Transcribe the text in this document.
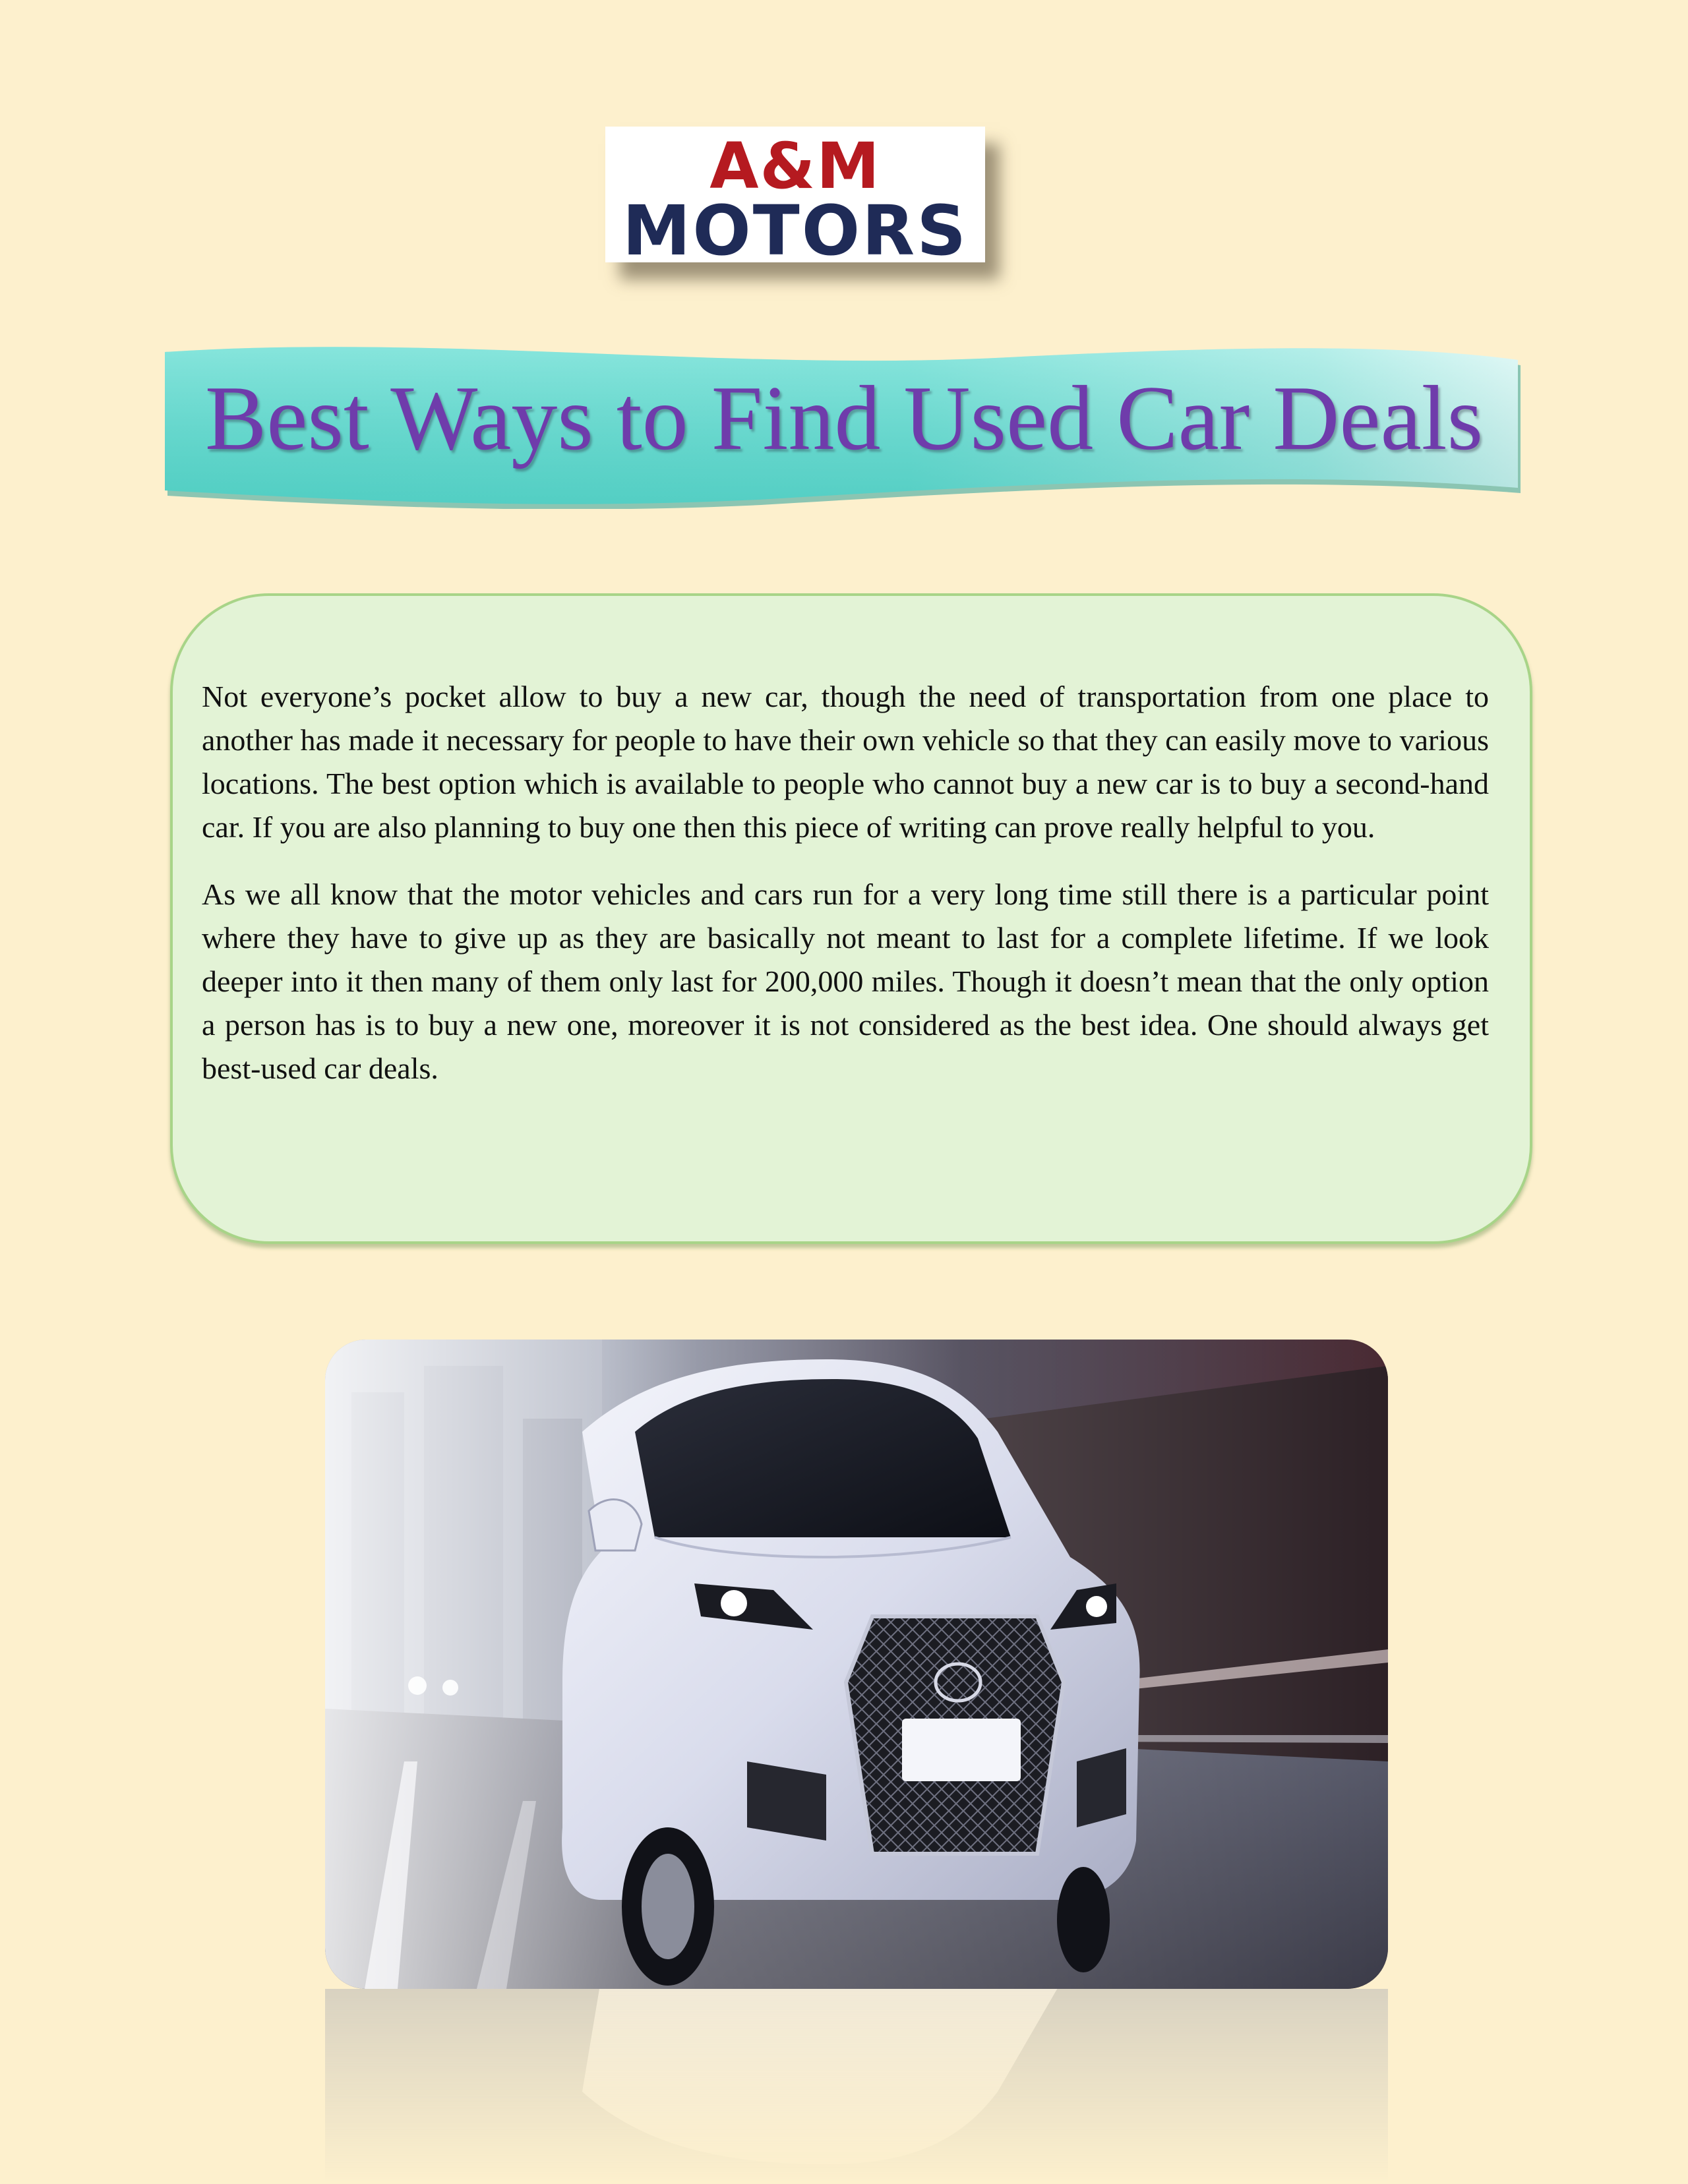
A&M
MOTORS
Best Ways to Find Used Car Deals

Not everyone’s pocket allow to buy a new car, though the need of transportation from one place to another has made it necessary for people to have their own vehicle so that they can easily move to various locations. The best option which is available to people who cannot buy a new car is to buy a second-hand car. If you are also planning to buy one then this piece of writing can prove really helpful to you.

As we all know that the motor vehicles and cars run for a very long time still there is a particular point where they have to give up as they are basically not meant to last for a complete lifetime. If we look deeper into it then many of them only last for 200,000 miles. Though it doesn’t mean that the only option a person has is to buy a new one, moreover it is not considered as the best idea. One should always get best-used car deals.
